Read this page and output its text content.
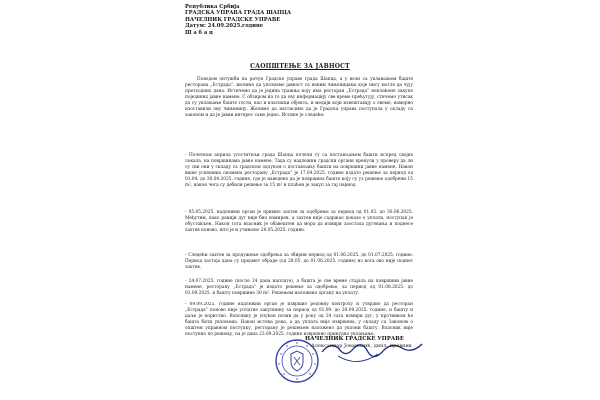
Република Србија
ГРАДСКА УПРАВА ГРАДА ШАПЦА
НАЧЕЛНИК ГРАДСКЕ УПРАВЕ
Датум: 24.09.2025.године
Ш а б а ц
САОПШТЕЊЕ ЗА ЈАВНОСТ
Поводом оптужби на рачун Градске управе града Шапца, а у вези са уклањањем баште ресторана „Естрада”, желимо да упознамо јавност са неким чињеницама које нису могле да чују претходних дана. Истичемо да је једина тражња коју има ресторан „Естрада” неплаћене закупе појединих јавне намене. С обзиром на то да ову информацију све време прећутују, стичемо утисак да су уклањање баште гости, као и власници објекта, и медији који извештавају о овоме, намерно изоставили ову чињеницу. Желимо да нагласимо да је Градска управа поступала у складу са законом и да је јавни интерес само једно. Истине је следеће:
- Почетком априла угоститељи града Шапца почели су са постављањем башти испред својих локала, на површинама јавне намене. Тада су надлежни градски органи кренули у проверу да ли су сви они у складу са градском одлуком о постављању башти на површини јавне намене. Након више успешних опомена ресторану „Естрада” је 17.04.2025. године издато решење за период од 01.04. до 30.04.2025. године, где је наведено да је површина баште коју су уз решење одобрени 15 m², након чега су добили решење за 15 m² и плаћен је закуп за тај период.
- 05.05.2025. надлежни орган је примио захтев за одобрење за период од 01.05. до 30.06.2025. Међутим, како ранији дуг није био измирен, а захтев није садржао доказе о уплати, поступак је обустављен. Након тога власник је обавештен да мора да измири заостала дуговања и поднесе захтев поново, што је и учињено 28.05.2025. године.
- Следећи захтев за продужење одобрења за збирни период од 01.06.2025. до 01.07.2025. године. Период застоја дана су предмет обраде (од 28.05. до 01.06.2025. године) из кога ово није поднет захтев.
- 24.07.2025. године (после 24 дана наплате), а башта је све време стајала на површини јавне намене, ресторану „Естрада” је издато решење за одобрење, за период од 01.08.2025. до 01.09.2025. и башту површине 30 m². Решењем наложено органу на уплату.
- 09.09.2025. године надлежни орган је извршио редовну контролу и утврдио да ресторан „Естрада” поново није уплатио закупнину за период од 01.09. до 30.09.2025. године, и башту и даље је користио. Власнику је упућен позив да у року од 24 сата измири дуг, у противном ће башта бити уклоњена. Након истека рока, а да уплата није извршена, у складу са Законом о општем управном поступку, ресторану је решењем наложено да уклони башту. Власник није поступио по решењу, па је дана 23.09.2025. године извршено принудно уклањање.
НАЧЕЛНИК ГРАДСКЕ УПРАВЕ
Александар Јовановић, дипл. правник
